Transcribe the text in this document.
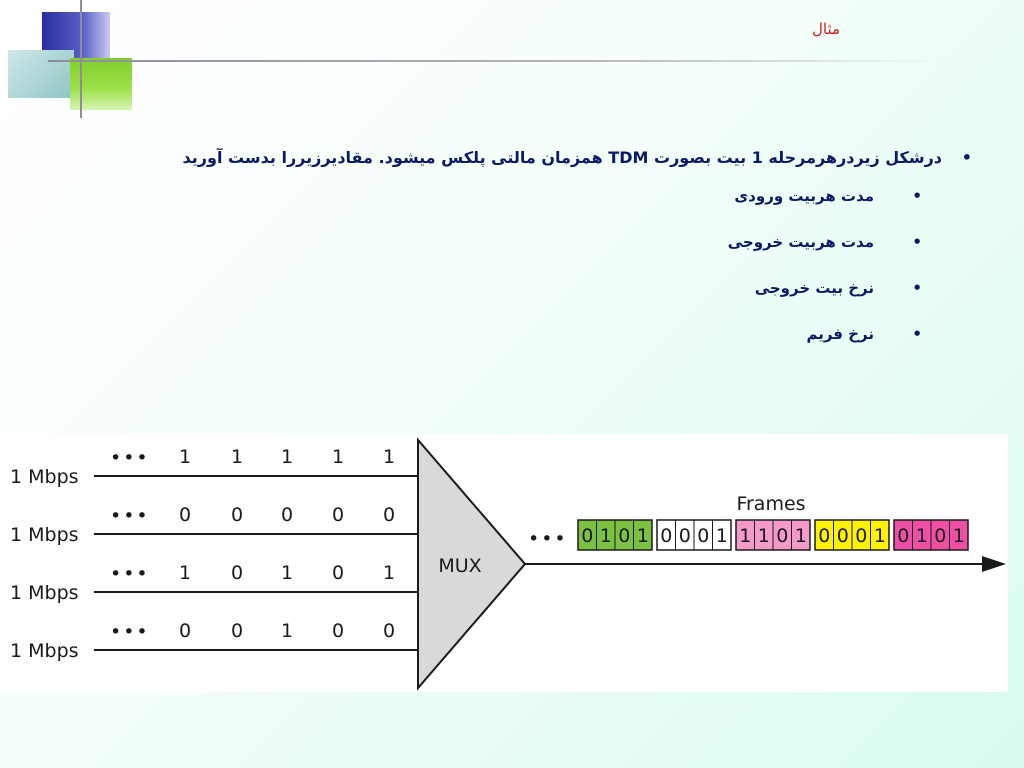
مثال
• درشکل زیردرهرمرحله 1 بیت بصورت TDM همزمان مالتی پلکس میشود. مقادیرزیررا بدست آورید
• مدت هربیت ورودی
• مدت هربیت خروجی
• نرخ بیت خروجی
• نرخ فریم
1 Mbps
••• 1 1 1 1 1
1 Mbps
••• 0 0 0 0 0
1 Mbps
••• 1 0 1 0 1
1 Mbps
••• 0 0 1 0 0
MUX
•••
Frames
0 1 0 1 0 0 0 1 1 1 0 1 0 0 0 1 0 1 0 1
